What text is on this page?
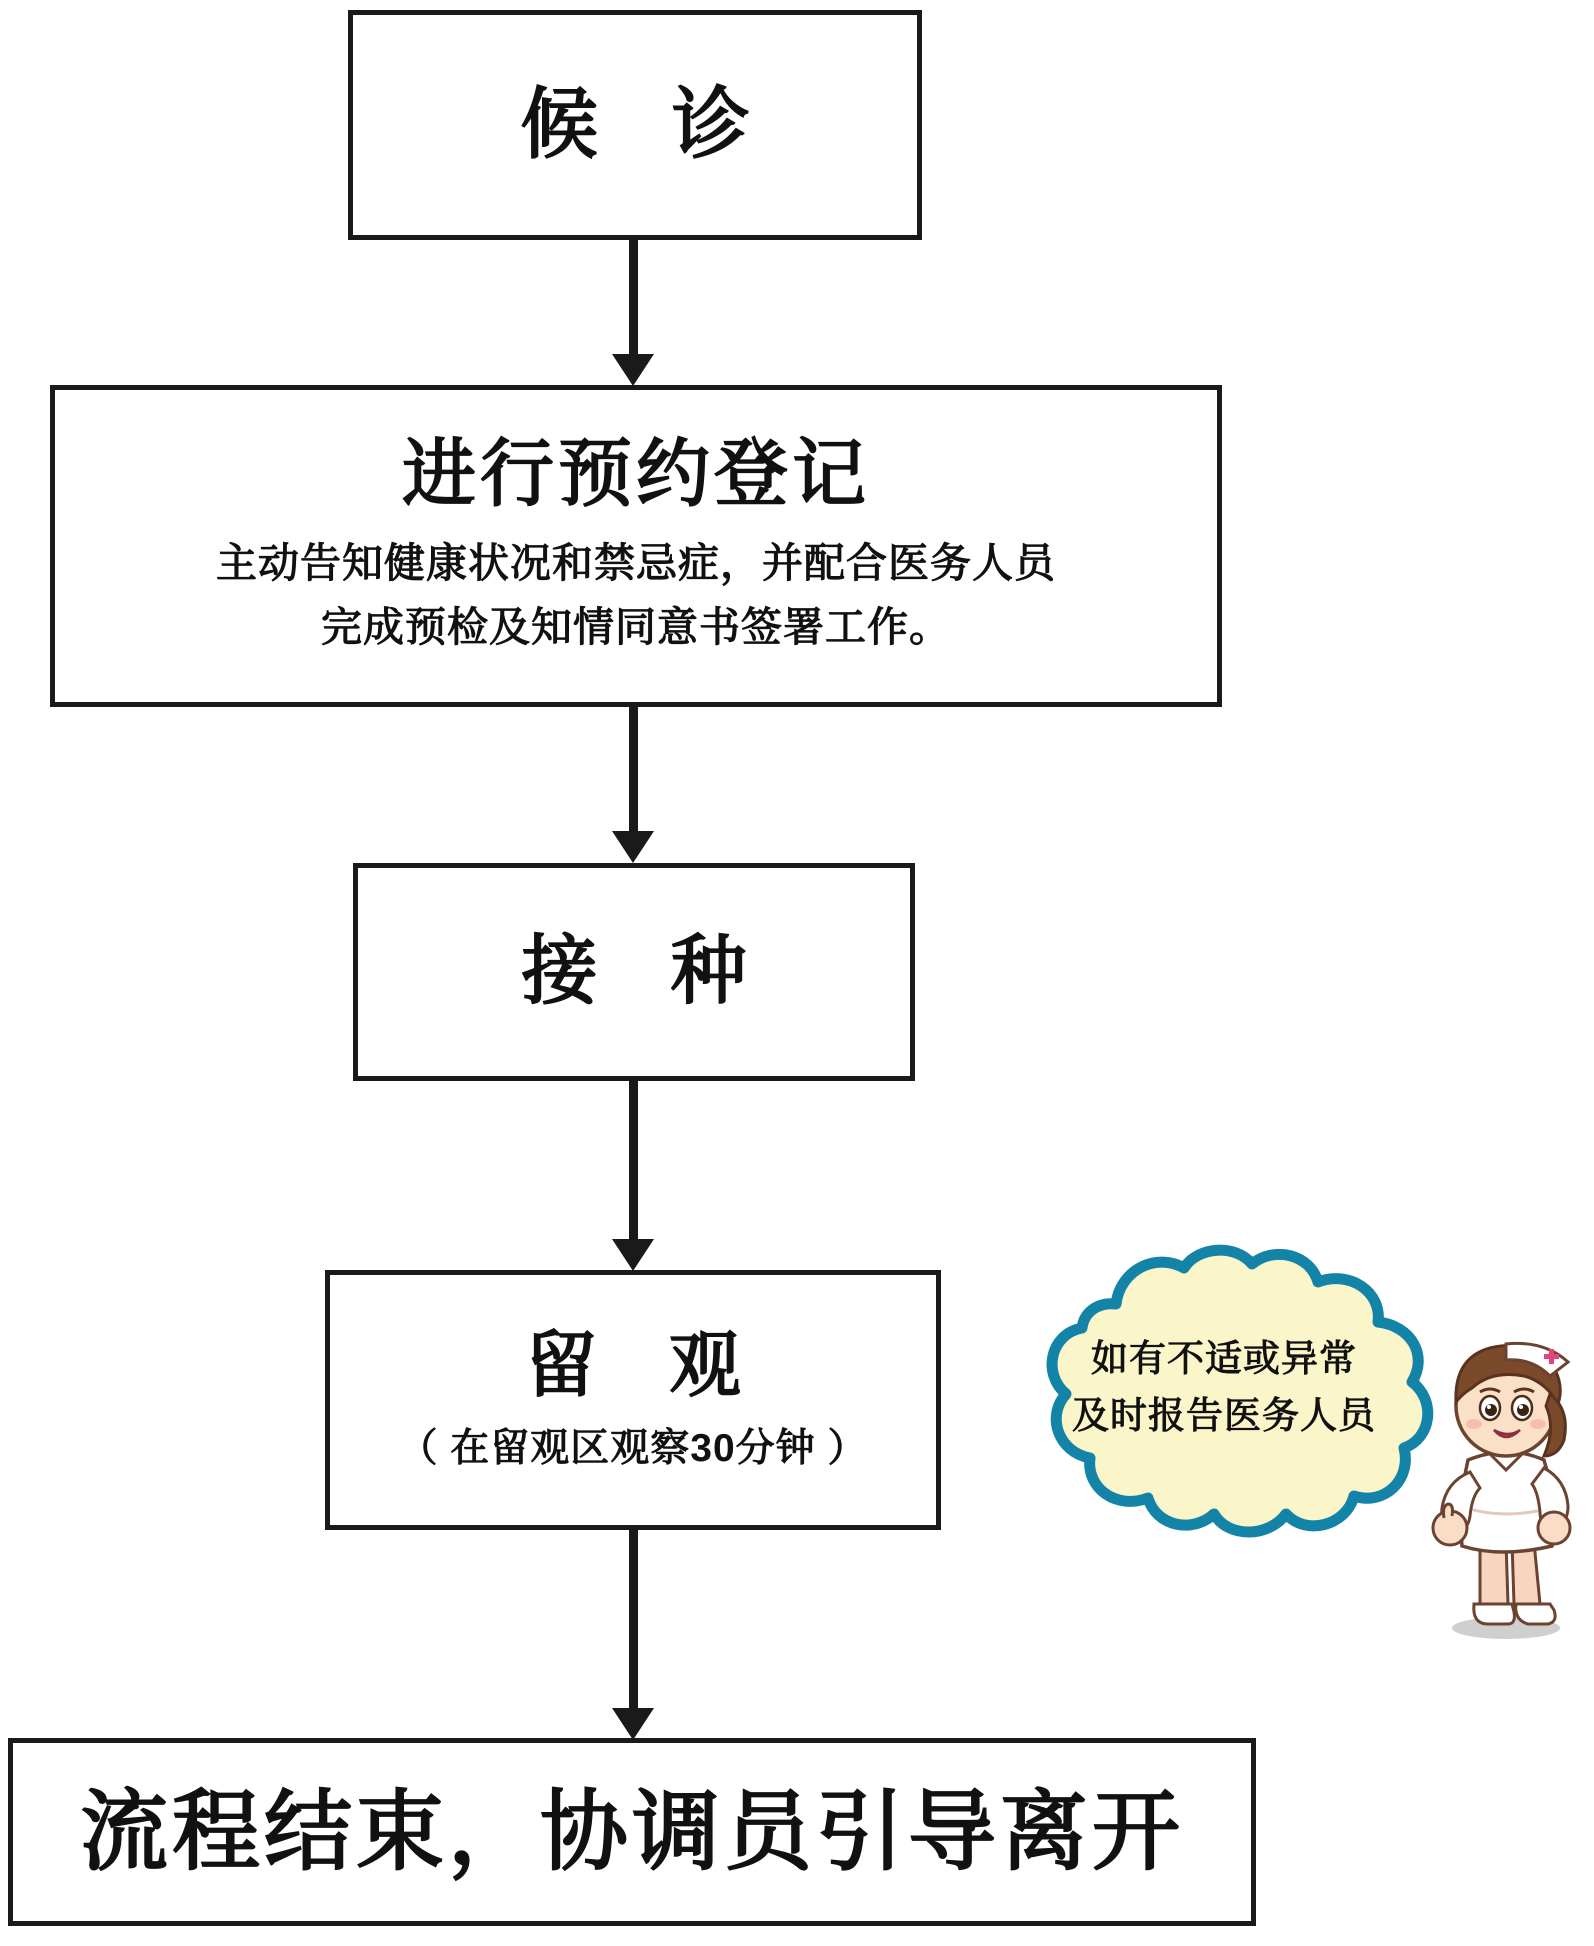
候 诊
进行预约登记
主动告知健康状况和禁忌症，并配合医务人员
完成预检及知情同意书签署工作。
接 种
留 观
（ 在留观区观察30分钟 ）
流程结束，协调员引导离开
如有不适或异常
及时报告医务人员
